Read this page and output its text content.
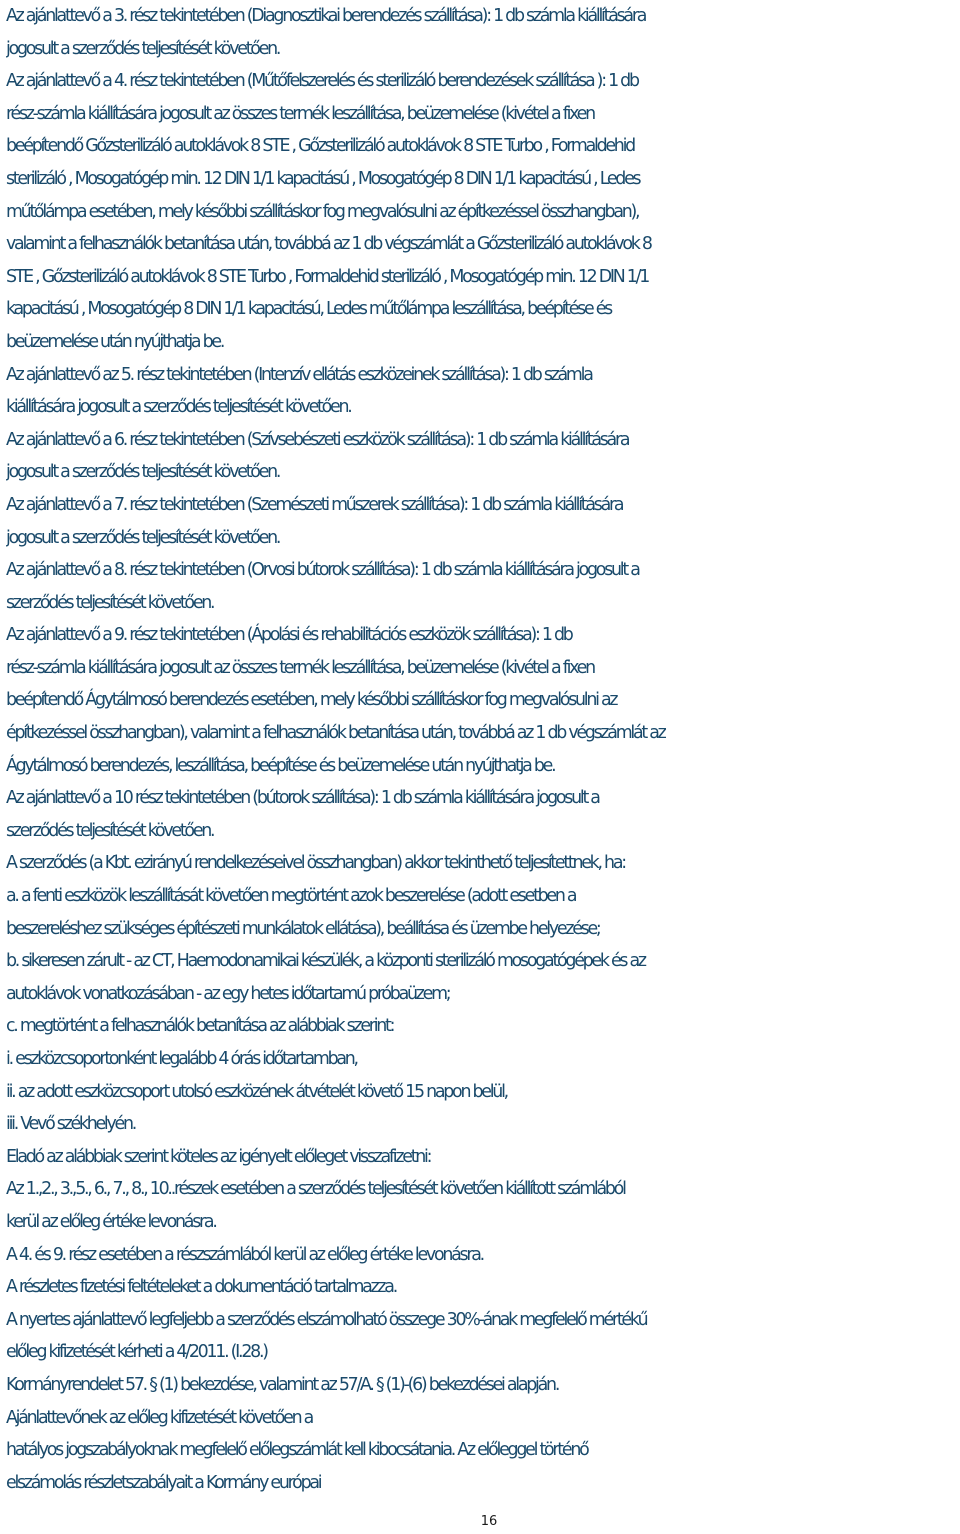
Az ajánlattevő a 3. rész tekintetében (Diagnosztikai berendezés szállítása): 1 db számla kiállítására
jogosult a szerződés teljesítését követően.
Az ajánlattevő a 4. rész tekintetében (Műtőfelszerelés és sterilizáló berendezések szállítása ): 1 db
rész-számla kiállítására jogosult az összes termék leszállítása, beüzemelése (kivétel a fixen
beépítendő Gőzsterilizáló autoklávok 8 STE , Gőzsterilizáló autoklávok 8 STE Turbo , Formaldehid
sterilizáló , Mosogatógép min. 12 DIN 1/1 kapacitású , Mosogatógép 8 DIN 1/1 kapacitású , Ledes
műtőlámpa esetében, mely későbbi szállításkor fog megvalósulni az építkezéssel összhangban),
valamint a felhasználók betanítása után, továbbá az 1 db végszámlát a Gőzsterilizáló autoklávok 8
STE , Gőzsterilizáló autoklávok 8 STE Turbo , Formaldehid sterilizáló , Mosogatógép min. 12 DIN 1/1
kapacitású , Mosogatógép 8 DIN 1/1 kapacitású, Ledes műtőlámpa leszállítása, beépítése és
beüzemelése után nyújthatja be.
Az ajánlattevő az 5. rész tekintetében (Intenzív ellátás eszközeinek szállítása): 1 db számla
kiállítására jogosult a szerződés teljesítését követően.
Az ajánlattevő a 6. rész tekintetében (Szívsebészeti eszközök szállítása): 1 db számla kiállítására
jogosult a szerződés teljesítését követően.
Az ajánlattevő a 7. rész tekintetében (Szemészeti műszerek szállítása): 1 db számla kiállítására
jogosult a szerződés teljesítését követően.
Az ajánlattevő a 8. rész tekintetében (Orvosi bútorok szállítása): 1 db számla kiállítására jogosult a
szerződés teljesítését követően.
Az ajánlattevő a 9. rész tekintetében (Ápolási és rehabilitációs eszközök szállítása): 1 db
rész-számla kiállítására jogosult az összes termék leszállítása, beüzemelése (kivétel a fixen
beépítendő Ágytálmosó berendezés esetében, mely későbbi szállításkor fog megvalósulni az
építkezéssel összhangban), valamint a felhasználók betanítása után, továbbá az 1 db végszámlát az
Ágytálmosó berendezés, leszállítása, beépítése és beüzemelése után nyújthatja be.
Az ajánlattevő a 10 rész tekintetében (bútorok szállítása): 1 db számla kiállítására jogosult a
szerződés teljesítését követően.
A szerződés (a Kbt. ezirányú rendelkezéseivel összhangban) akkor tekinthető teljesítettnek, ha:
a. a fenti eszközök leszállítását követően megtörtént azok beszerelése (adott esetben a
beszereléshez szükséges építészeti munkálatok ellátása), beállítása és üzembe helyezése;
b. sikeresen zárult - az CT, Haemodonamikai készülék, a központi sterilizáló mosogatógépek és az
autoklávok vonatkozásában - az egy hetes időtartamú próbaüzem;
c. megtörtént a felhasználók betanítása az alábbiak szerint:
i. eszközcsoportonként legalább 4 órás időtartamban,
ii. az adott eszközcsoport utolsó eszközének átvételét követő 15 napon belül,
iii. Vevő székhelyén.
Eladó az alábbiak szerint köteles az igényelt előleget visszafizetni:
Az 1.,2., 3.,5., 6., 7., 8., 10..részek esetében a szerződés teljesítését követően kiállított számlából
kerül az előleg értéke levonásra.
A 4. és 9. rész esetében a részszámlából kerül az előleg értéke levonásra.
A részletes fizetési feltételeket a dokumentáció tartalmazza.
A nyertes ajánlattevő legfeljebb a szerződés elszámolható összege 30%-ának megfelelő mértékű
előleg kifizetését kérheti a 4/2011. (I.28.)
Kormányrendelet 57. § (1) bekezdése, valamint az 57/A. § (1)-(6) bekezdései alapján.
Ajánlattevőnek az előleg kifizetését követően a
hatályos jogszabályoknak megfelelő előlegszámlát kell kibocsátania. Az előleggel történő
elszámolás részletszabályait a Kormány európai
16
